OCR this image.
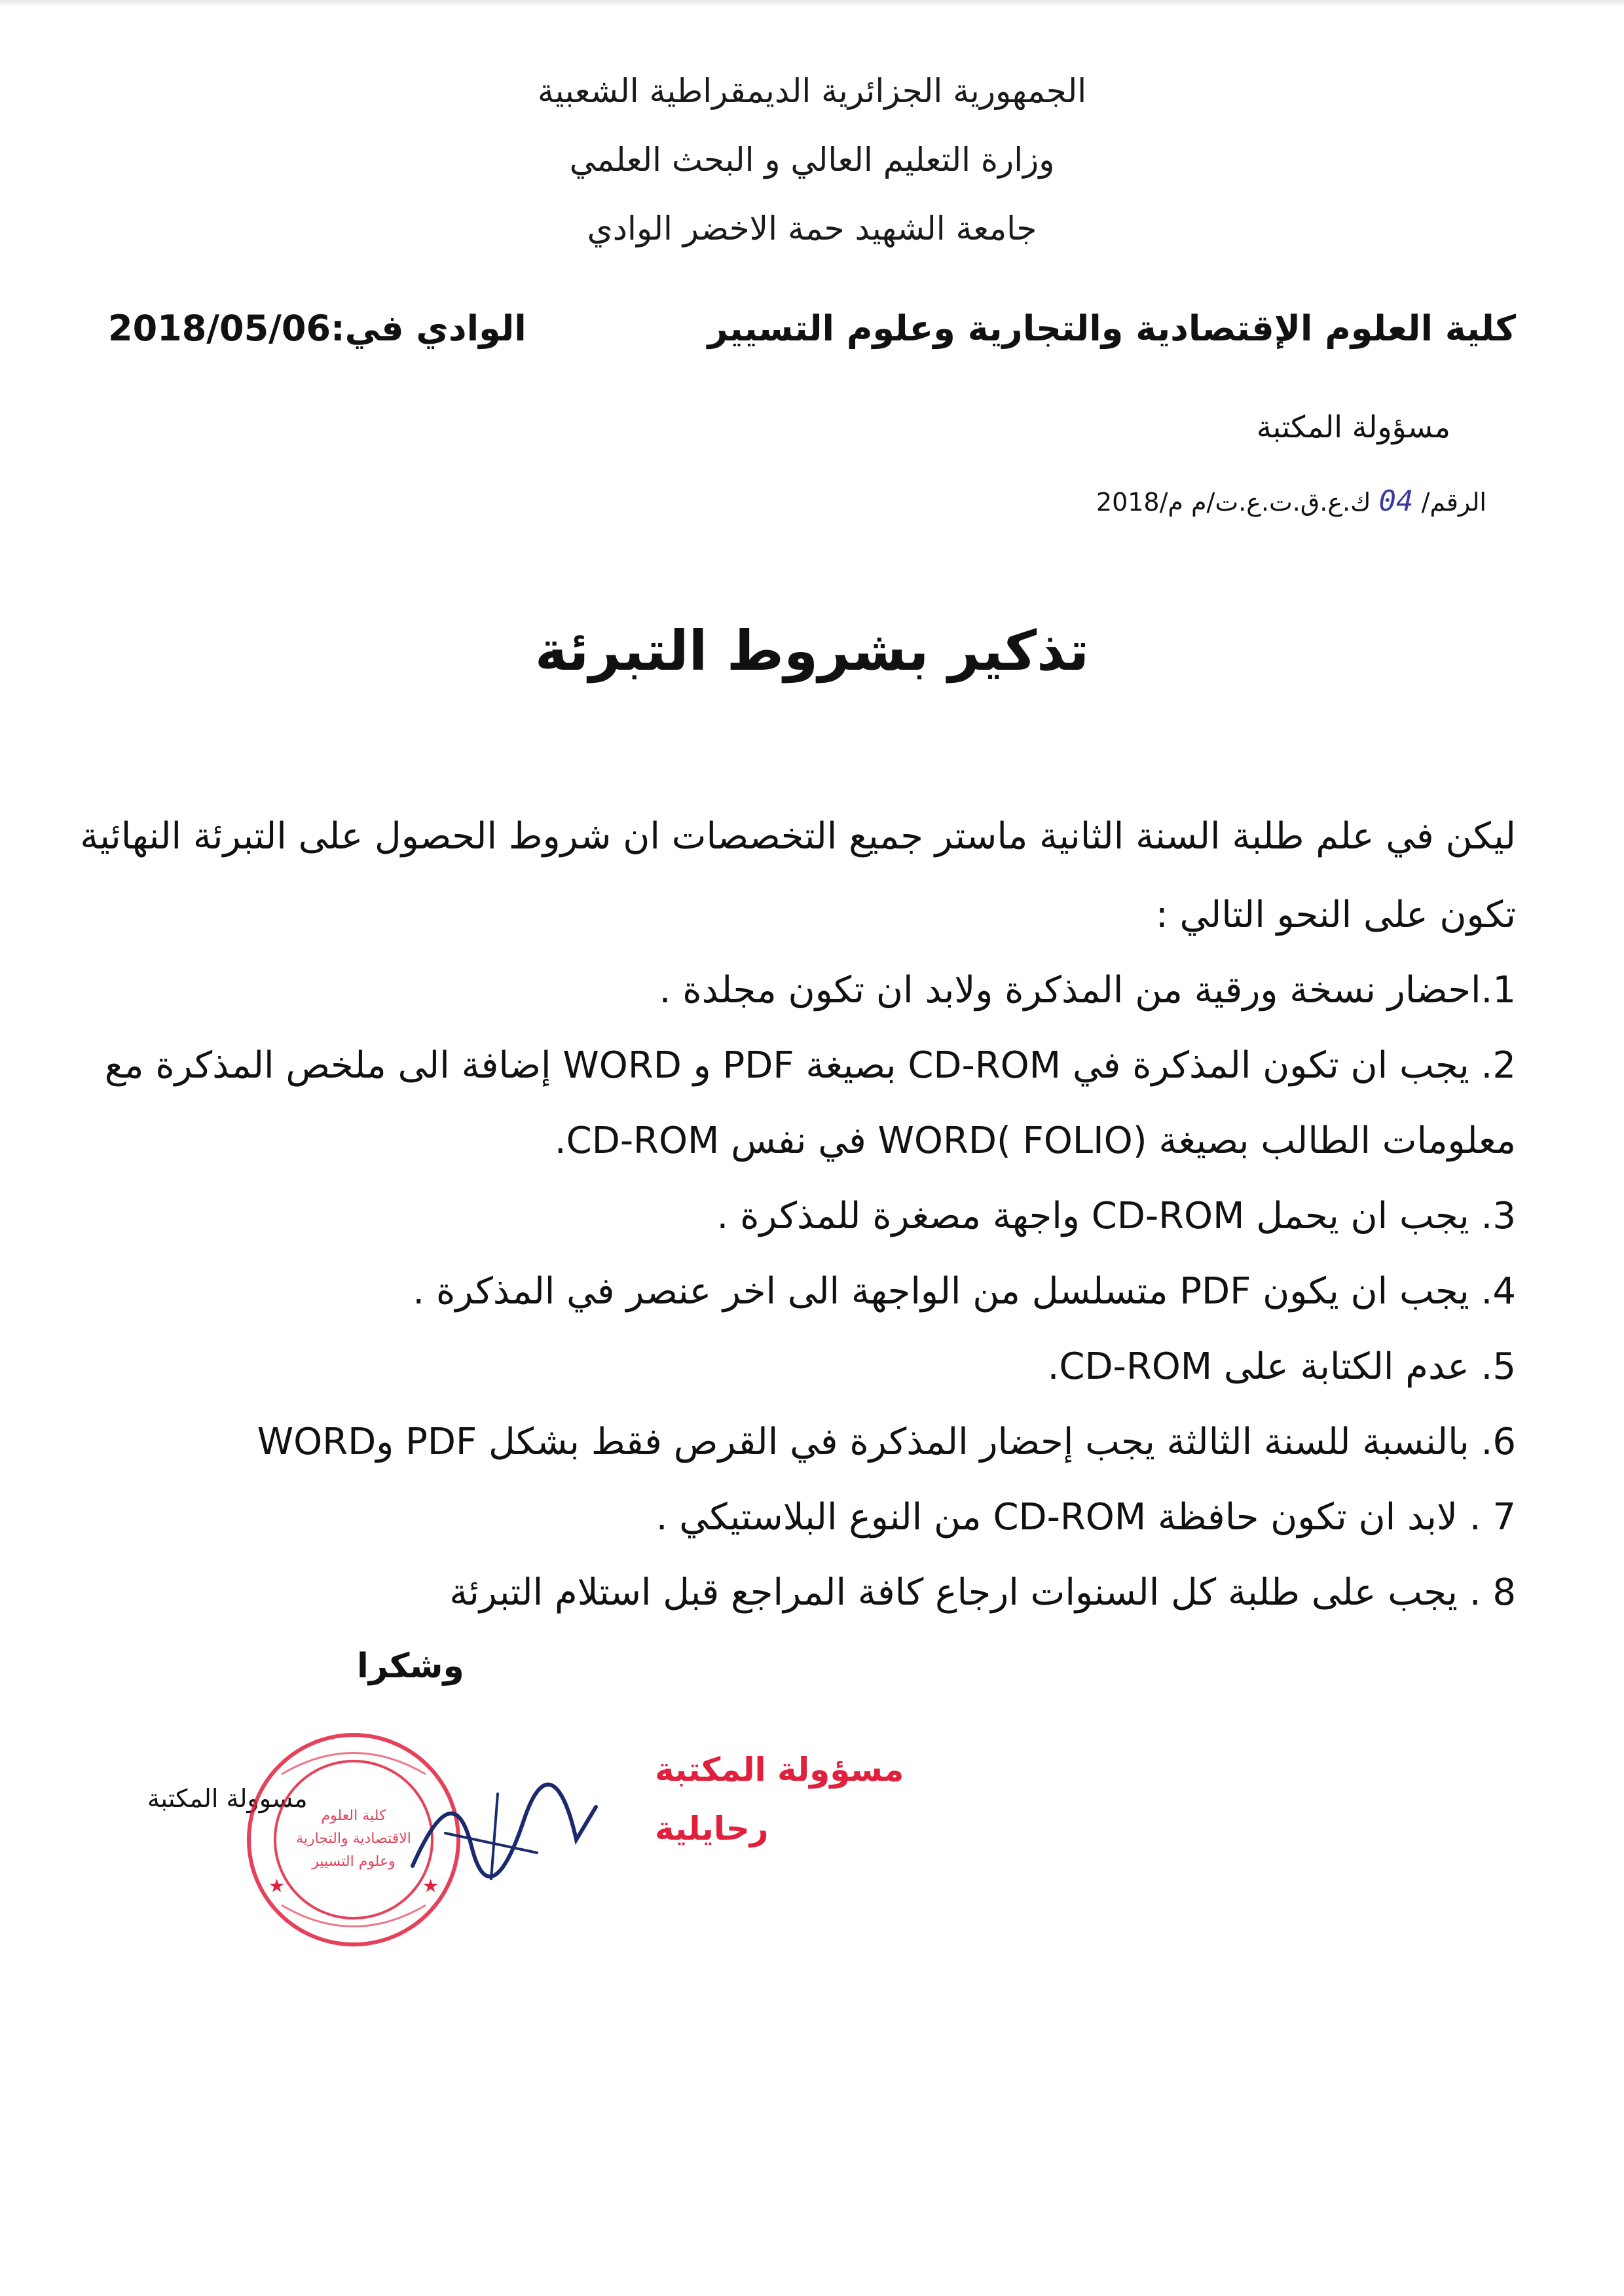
الجمهورية الجزائرية الديمقراطية الشعبية
وزارة التعليم العالي و البحث العلمي
جامعة الشهيد حمة الاخضر الوادي
كلية العلوم الإقتصادية والتجارية وعلوم التسيير
الوادي في:2018/05/06
مسؤولة المكتبة
الرقم/ 04 ك.ع.ق.ت.ع.ت/م م/2018
تذكير بشروط التبرئة
ليكن في علم طلبة السنة الثانية ماستر جميع التخصصات ان شروط الحصول على التبرئة النهائية
تكون على النحو التالي :
1.احضار نسخة ورقية من المذكرة ولابد ان تكون مجلدة .
2. يجب ان تكون المذكرة في CD-ROM بصيغة PDF و WORD إضافة الى ملخص المذكرة مع
معلومات الطالب بصيغة WORD( FOLIO) في نفس CD-ROM.
3. يجب ان يحمل CD-ROM واجهة مصغرة للمذكرة .
4. يجب ان يكون PDF متسلسل من الواجهة الى اخر عنصر في المذكرة .
5. عدم الكتابة على CD-ROM.
6. بالنسبة للسنة الثالثة يجب إحضار المذكرة في القرص فقط بشكل PDF وWORD
7 . لابد ان تكون حافظة CD-ROM من النوع البلاستيكي .
8 . يجب على طلبة كل السنوات ارجاع كافة المراجع قبل استلام التبرئة
وشكرا
مسوولة المكتبة
كلية العلوم
الاقتصادية والتجارية
وعلوم التسيير
★	★
مسؤولة المكتبة
رحايلية
